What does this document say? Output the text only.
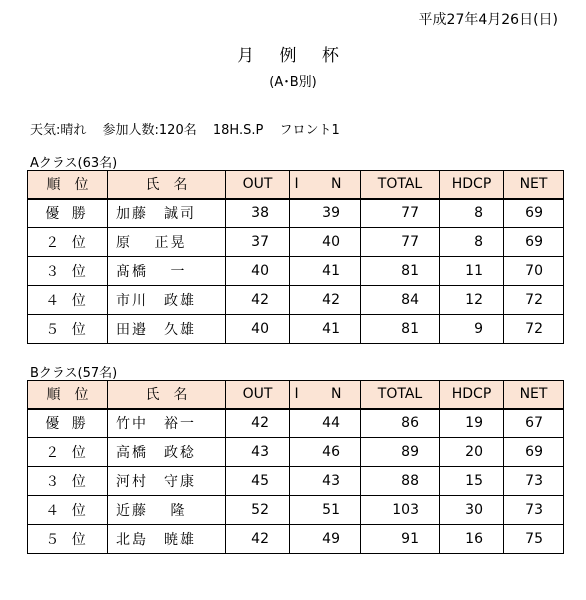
平成27年4月26日(日)
月 例 杯
(A･B別)
天気:晴れ 参加人数:120名 18H.S.P フロント1
Aクラス(63名)
順　位	氏　名	OUT	I N	TOTAL	HDCP	NET
優 勝	加藤　誠司	38	39	77	8	69
２ 位	原　 正晃	37	40	77	8	69
３ 位	髙橋　 一	40	41	81	11	70
４ 位	市川　政雄	42	42	84	12	72
５ 位	田邉　久雄	40	41	81	9	72
Bクラス(57名)
順　位	氏　名	OUT	I N	TOTAL	HDCP	NET
優 勝	竹中　裕一	42	44	86	19	67
２ 位	高橋　政稔	43	46	89	20	69
３ 位	河村　守康	45	43	88	15	73
４ 位	近藤　 隆	52	51	103	30	73
５ 位	北島　暁雄	42	49	91	16	75
